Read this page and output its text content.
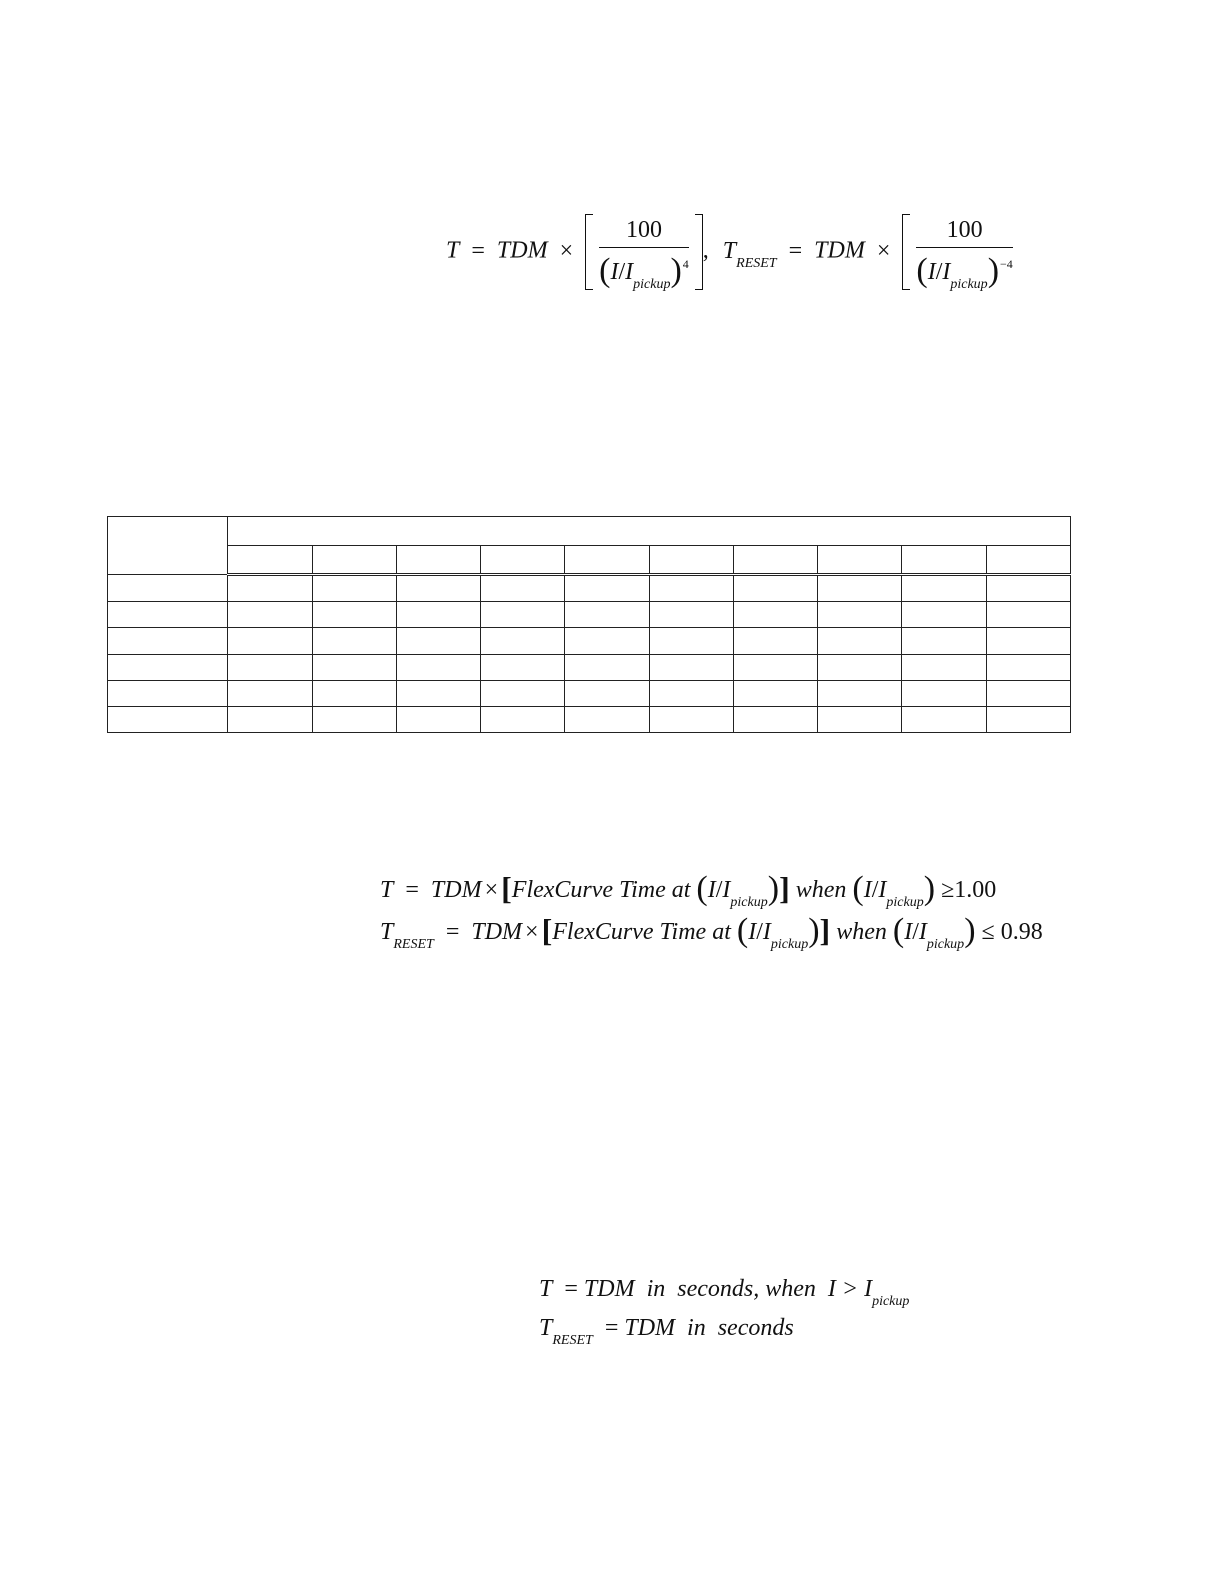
T = TDM × $\frac{100}{(I/I_{pickup})^4}$ , $T_{RESET}$ = TDM × $\frac{100}{(I/I_{pickup})^{-4}}$

T = TDM ×[FlexCurve Time at $(I/I_{pickup})$] when $(I/I_{pickup}) \ge 1.00$
$T_{RESET}$ = TDM ×[FlexCurve Time at $(I/I_{pickup})$] when $(I/I_{pickup}) \le 0.98$
T = TDM  in  seconds, when  $I > I_{pickup}$
$T_{RESET}$ = TDM  in  seconds
